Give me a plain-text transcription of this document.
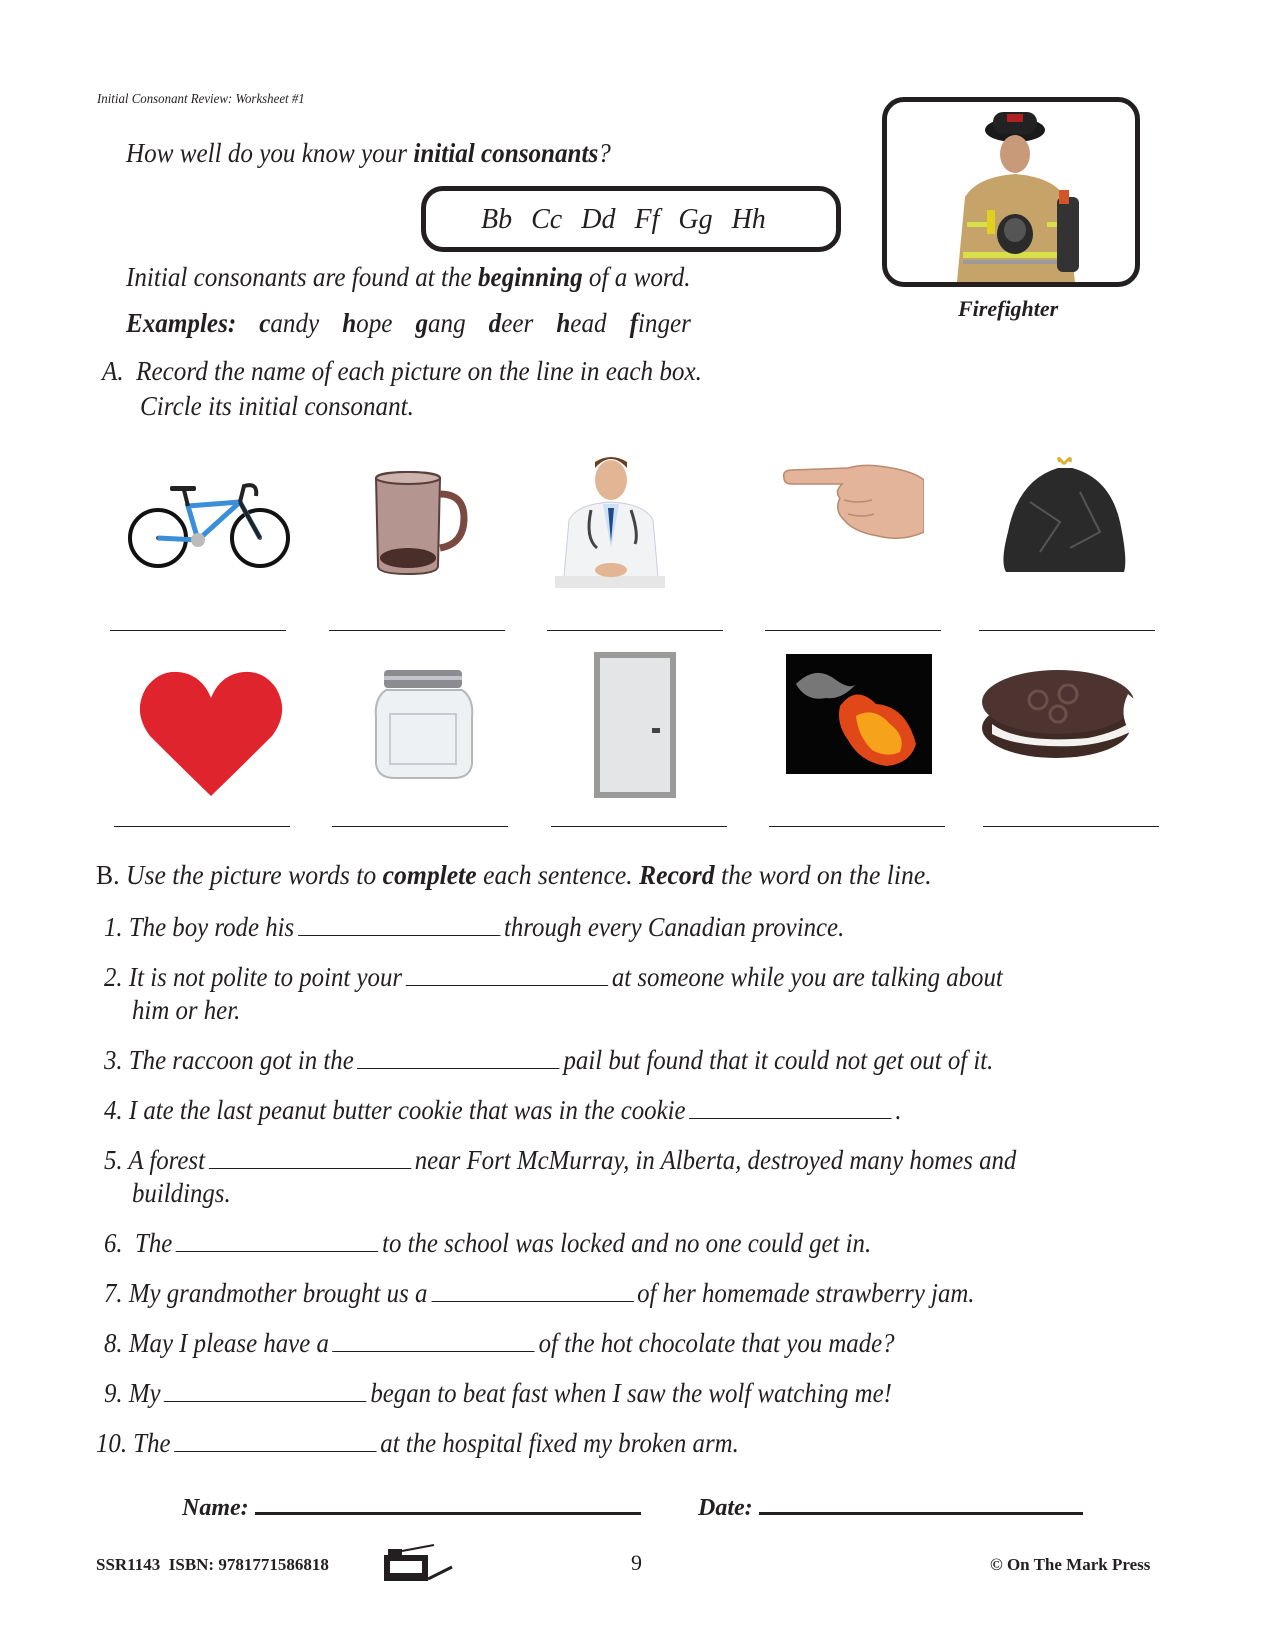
Initial Consonant Review: Worksheet #1
How well do you know your initial consonants?
Bb Cc Dd Ff Gg Hh
Initial consonants are found at the beginning of a word.
Examples: candy hope gang deer head finger	Firefighter
A. Record the name of each picture on the line in each box.
Circle its initial consonant.
B. Use the picture words to complete each sentence. Record the word on the line.
1. The boy rode his	through every Canadian province.
2. It is not polite to point your	at someone while you are talking about
him or her.
3. The raccoon got in the	pail but found that it could not get out of it.
4. I ate the last peanut butter cookie that was in the cookie	.
5. A forest	near Fort McMurray, in Alberta, destroyed many homes and
buildings.
6. The	to the school was locked and no one could get in.
7. My grandmother brought us a	of her homemade strawberry jam.
8. May I please have a	of the hot chocolate that you made?
9. My	began to beat fast when I saw the wolf watching me!
10. The	at the hospital fixed my broken arm.
Name:	Date:
SSR1143 ISBN: 9781771586818	9	© On The Mark Press
